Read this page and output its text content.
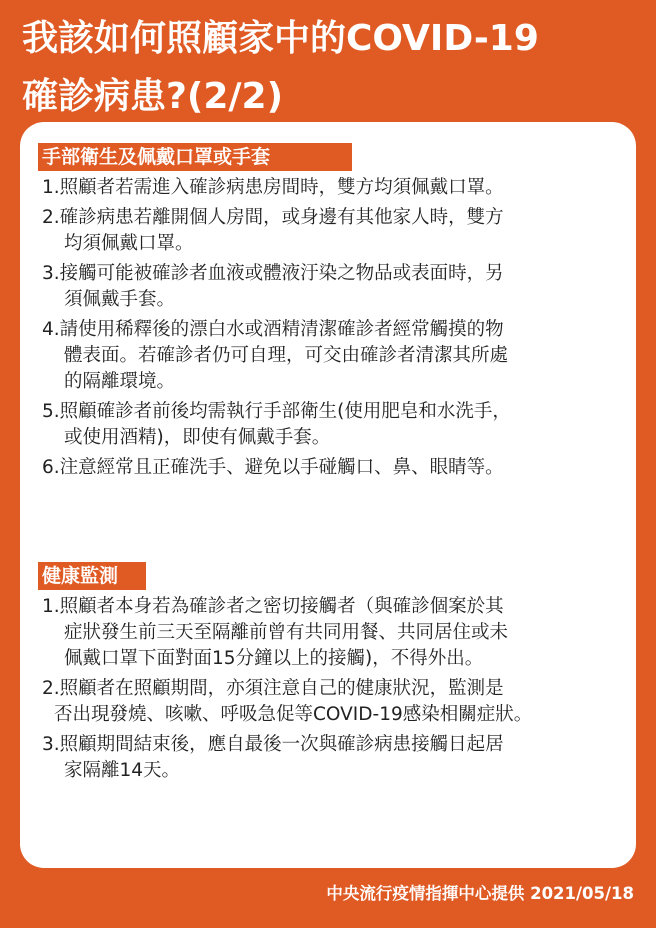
我該如何照顧家中的COVID-19
確診病患?(2/2)
手部衛生及佩戴口罩或手套
1.照顧者若需進入確診病患房間時，雙方均須佩戴口罩。
2.確診病患若離開個人房間，或身邊有其他家人時，雙方
均須佩戴口罩。
3.接觸可能被確診者血液或體液汙染之物品或表面時，另
須佩戴手套。
4.請使用稀釋後的漂白水或酒精清潔確診者經常觸摸的物
體表面。若確診者仍可自理，可交由確診者清潔其所處
的隔離環境。
5.照顧確診者前後均需執行手部衛生(使用肥皂和水洗手，
或使用酒精)，即使有佩戴手套。
6.注意經常且正確洗手、避免以手碰觸口、鼻、眼睛等。
健康監測
1.照顧者本身若為確診者之密切接觸者（與確診個案於其
症狀發生前三天至隔離前曾有共同用餐、共同居住或未
佩戴口罩下面對面15分鐘以上的接觸)，不得外出。
2.照顧者在照顧期間，亦須注意自己的健康狀況，監測是
否出現發燒、咳嗽、呼吸急促等COVID-19感染相關症狀。
3.照顧期間結束後，應自最後一次與確診病患接觸日起居
家隔離14天。
中央流行疫情指揮中心提供 2021/05/18
